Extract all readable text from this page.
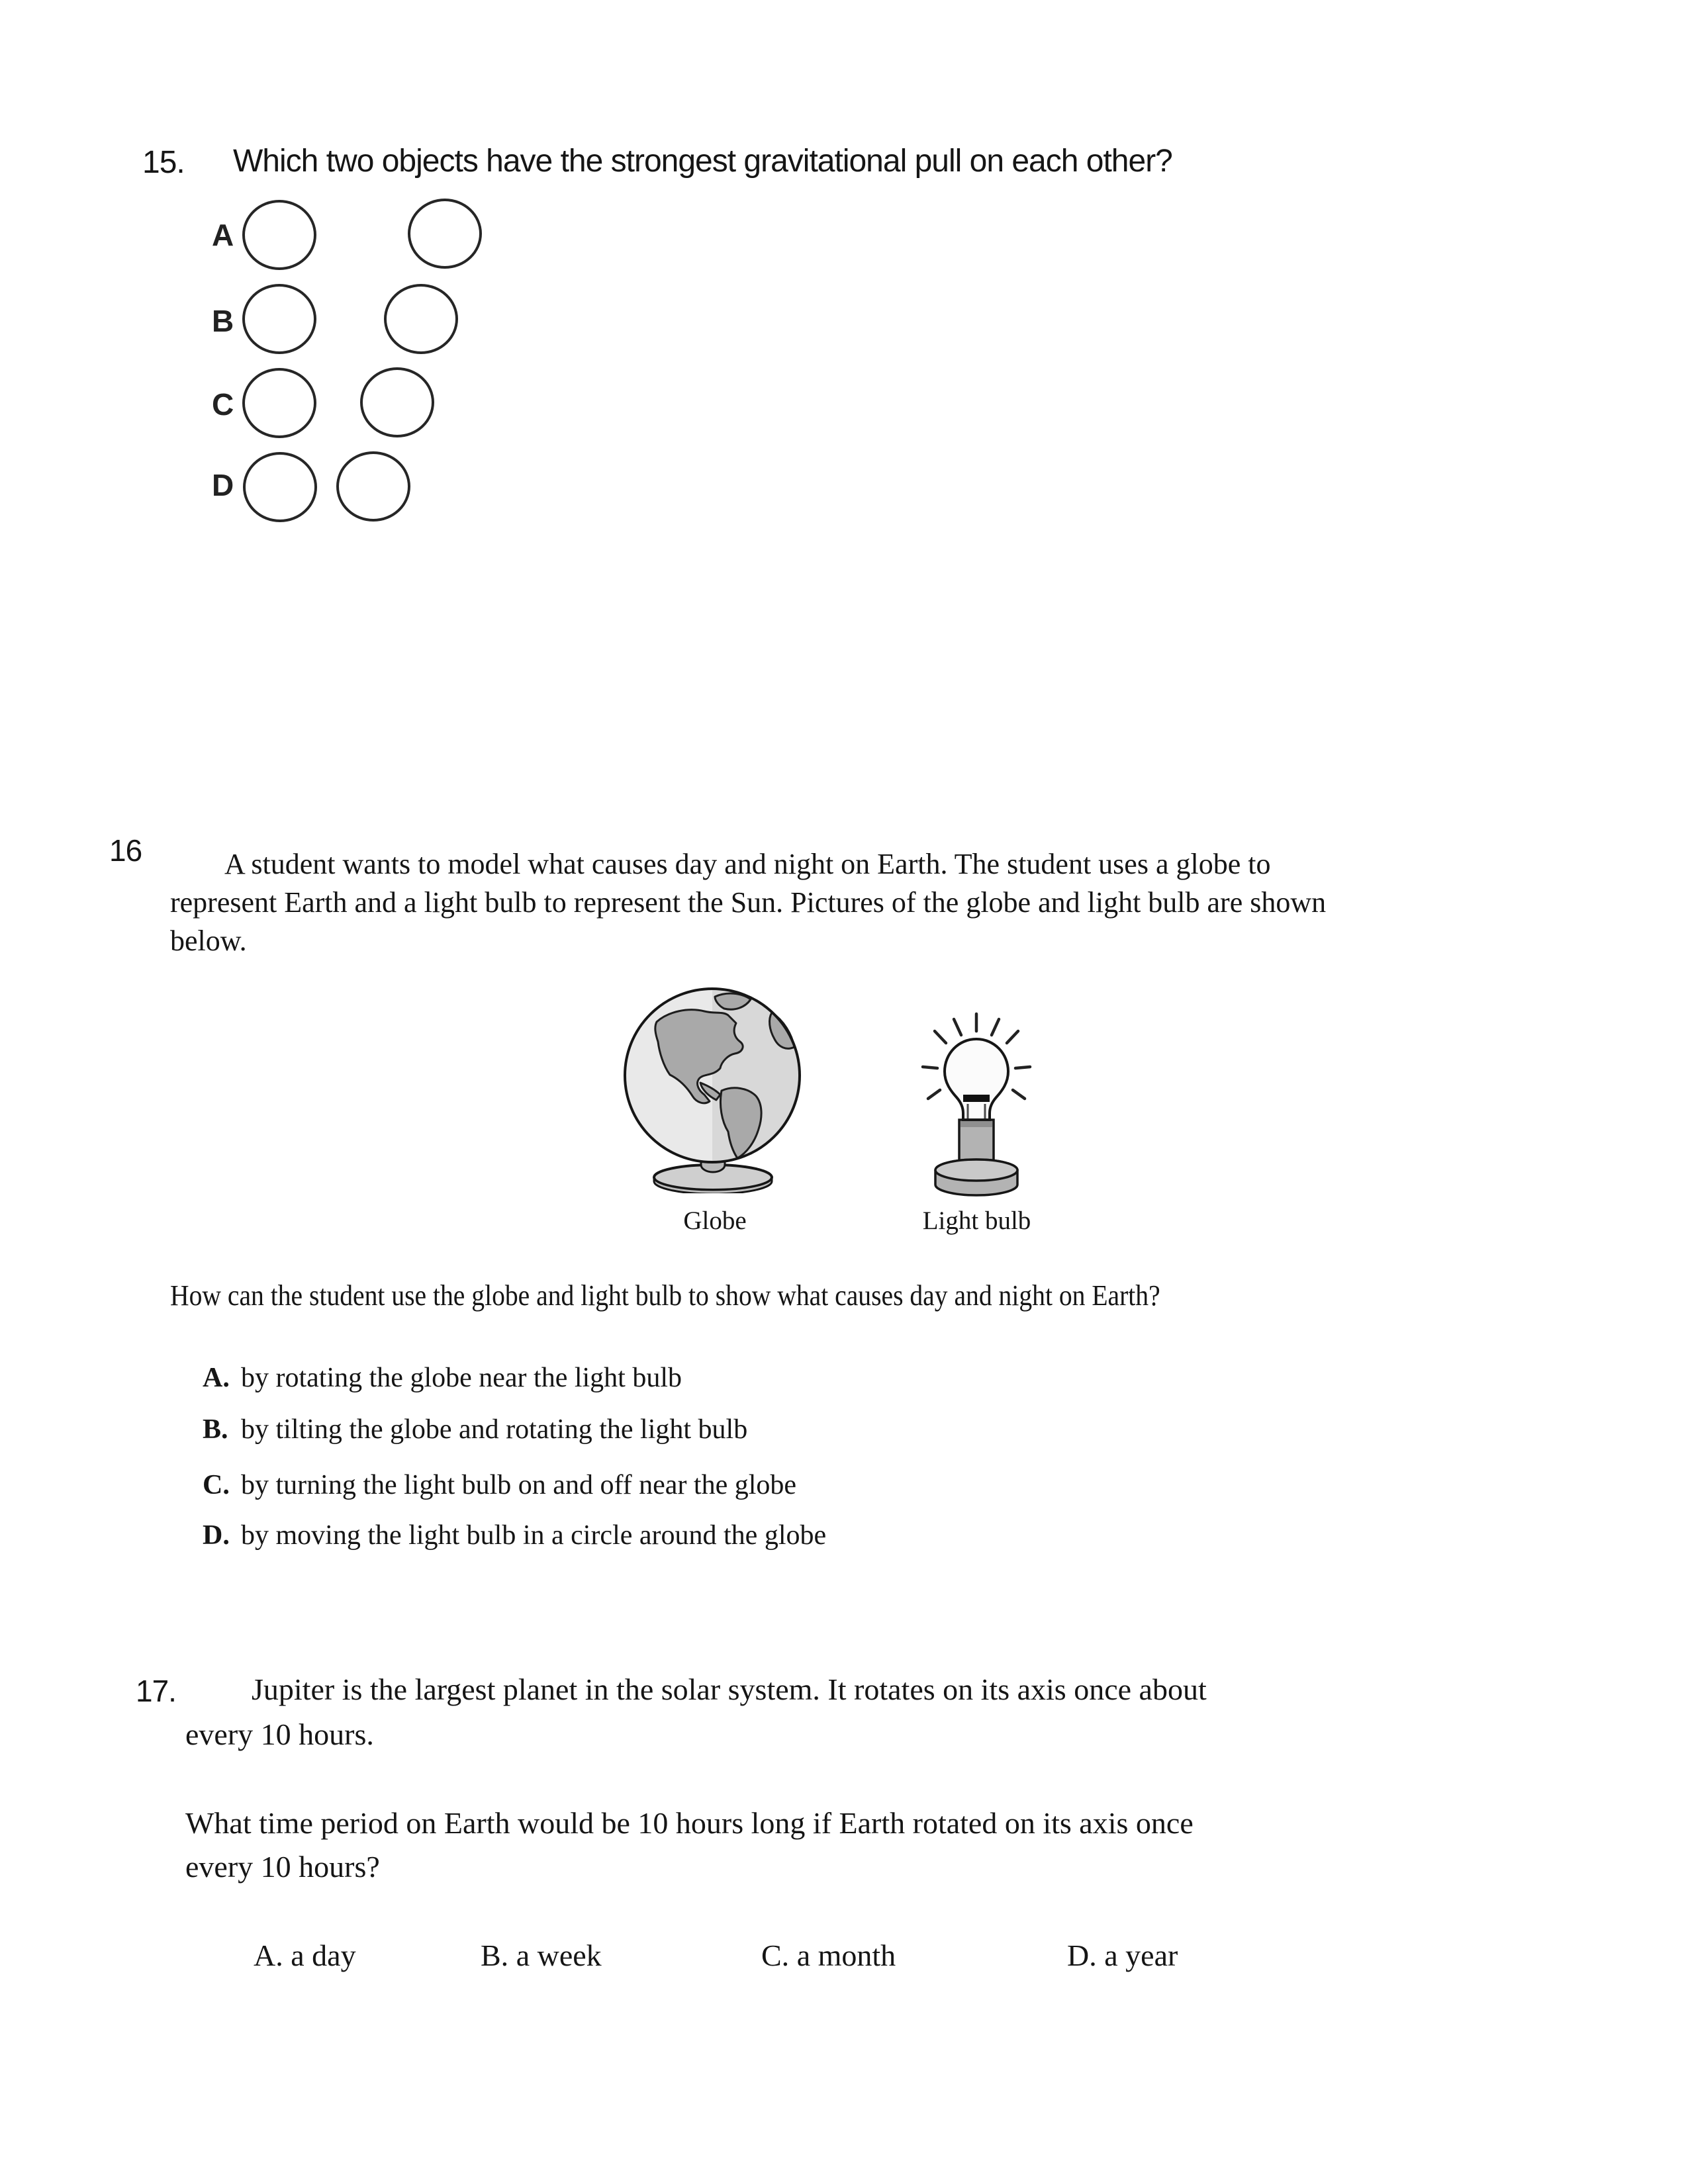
15. Which two objects have the strongest gravitational pull on each other?
A
B
C
D
16	A student wants to model what causes day and night on Earth. The student uses a globe to
represent Earth and a light bulb to represent the Sun. Pictures of the globe and light bulb are shown
below.
Globe	Light bulb
How can the student use the globe and light bulb to show what causes day and night on Earth?
A. by rotating the globe near the light bulb
B. by tilting the globe and rotating the light bulb
C. by turning the light bulb on and off near the globe
D. by moving the light bulb in a circle around the globe
17. Jupiter is the largest planet in the solar system. It rotates on its axis once about
every 10 hours.
What time period on Earth would be 10 hours long if Earth rotated on its axis once
every 10 hours?
A. a day	B. a week	C. a month	D. a year
